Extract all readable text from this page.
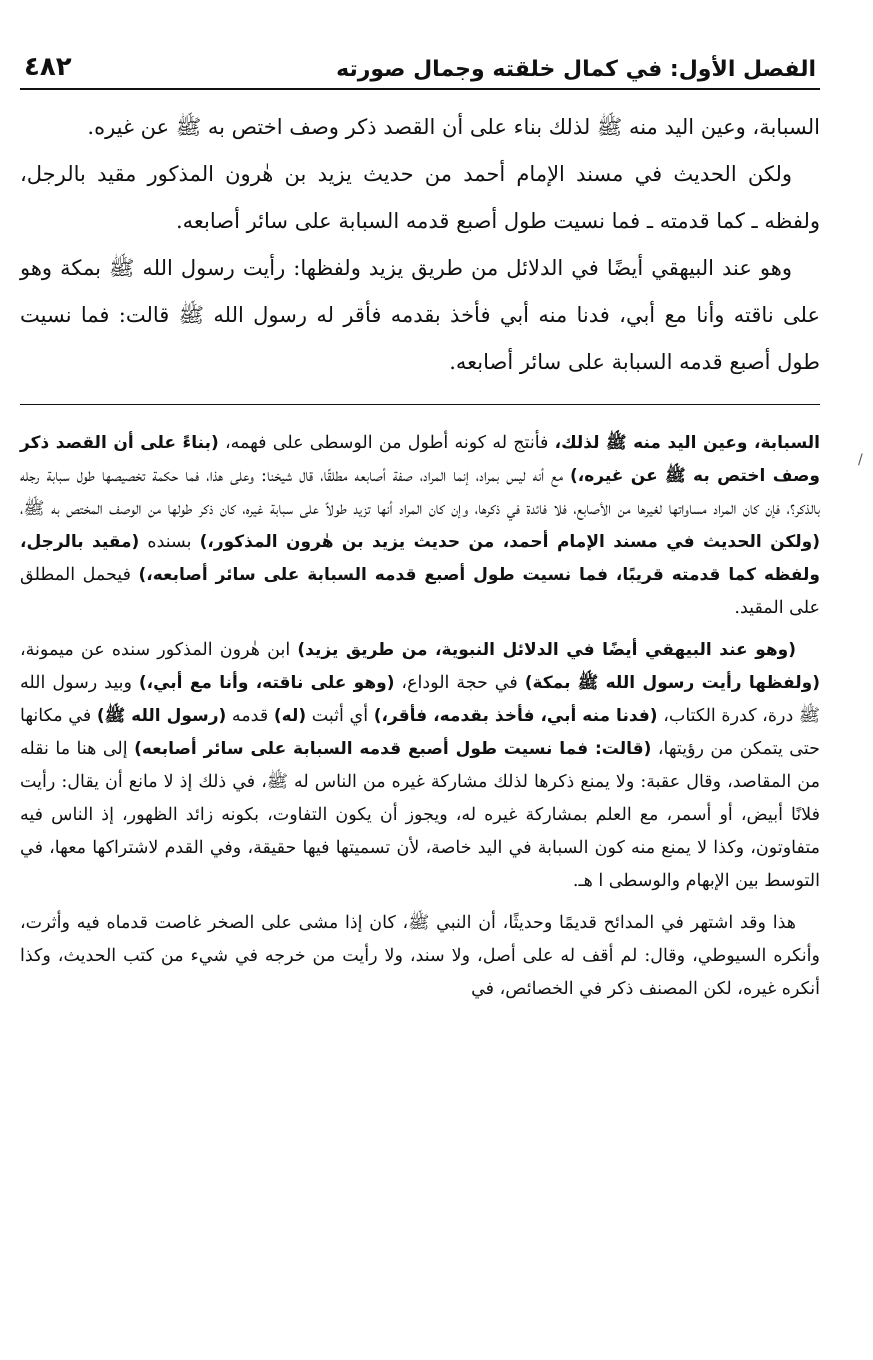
الفصل الأول: في كمال خلقته وجمال صورته
٤٨٢

السبابة، وعين اليد منه ﷺ لذلك بناء على أن القصد ذكر وصف اختص به ﷺ عن غيره.

ولكن الحديث في مسند الإمام أحمد من حديث يزيد بن هٰرون المذكور مقيد بالرجل، ولفظه ـ كما قدمته ـ فما نسيت طول أصبع قدمه السبابة على سائر أصابعه.

وهو عند البيهقي أيضًا في الدلائل من طريق يزيد ولفظها: رأيت رسول الله ﷺ بمكة وهو على ناقته وأنا مع أبي، فدنا منه أبي فأخذ بقدمه فأقر له رسول الله ﷺ قالت: فما نسيت طول أصبع قدمه السبابة على سائر أصابعه.

السبابة، وعين اليد منه ﷺ لذلك، فأنتج له كونه أطول من الوسطى على فهمه، (بناءً على أن القصد ذكر وصف اختص به ﷺ عن غيره،) مع أنه ليس بمراد، إنما المراد، صفة أصابعه مطلقًا، قال شيخنا: وعلى هذا، فما حكمة تخصيصها طول سبابة رجله بالذكر؟، فإن كان المراد مساواتها لغيرها من الأصابع، فلا فائدة في ذكرها، وإن كان المراد أنها تزيد طولاً على سبابة غيره، كان ذكر طولها من الوصف المختص به ﷺ، (ولكن الحديث في مسند الإمام أحمد، من حديث يزيد بن هٰرون المذكور،) بسنده (مقيد بالرجل، ولفظه كما قدمته قريبًا، فما نسيت طول أصبع قدمه السبابة على سائر أصابعه،) فيحمل المطلق على المقيد.

(وهو عند البيهقي أيضًا في الدلائل النبوية، من طريق يزيد) ابن هٰرون المذكور سنده عن ميمونة، (ولفظها رأيت رسول الله ﷺ بمكة) في حجة الوداع، (وهو على ناقته، وأنا مع أبي،) وبيد رسول الله ﷺ درة، كدرة الكتاب، (فدنا منه أبي، فأخذ بقدمه، فأقر،) أي أثبت (له) قدمه (رسول الله ﷺ) في مكانها حتى يتمكن من رؤيتها، (قالت: فما نسيت طول أصبع قدمه السبابة على سائر أصابعه) إلى هنا ما نقله من المقاصد، وقال عقبة: ولا يمنع ذكرها لذلك مشاركة غيره من الناس له ﷺ، في ذلك إذ لا مانع أن يقال: رأيت فلانًا أبيض، أو أسمر، مع العلم بمشاركة غيره له، ويجوز أن يكون التفاوت، بكونه زائد الظهور، إذ الناس فيه متفاوتون، وكذا لا يمنع منه كون السبابة في اليد خاصة، لأن تسميتها فيها حقيقة، وفي القدم لاشتراكها معها، في التوسط بين الإبهام والوسطى ا هـ.

هذا وقد اشتهر في المدائح قديمًا وحديثًا، أن النبي ﷺ، كان إذا مشى على الصخر غاصت قدماه فيه وأثرت، وأنكره السيوطي، وقال: لم أقف له على أصل، ولا سند، ولا رأيت من خرجه في شيء من كتب الحديث، وكذا أنكره غيره، لكن المصنف ذكر في الخصائص، في

/
